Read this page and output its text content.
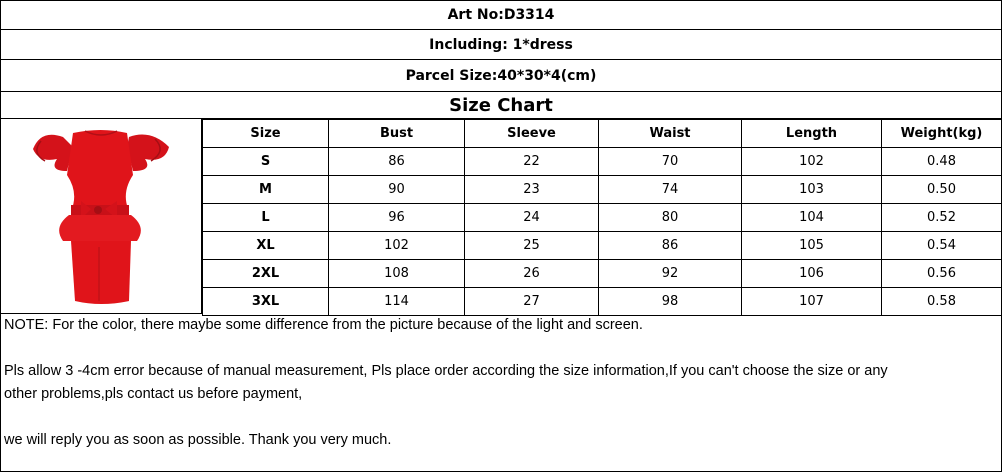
Art No:D3314
Including: 1*dress
Parcel Size:40*30*4(cm)
Size Chart
Size	Bust	Sleeve	Waist	Length	Weight(kg)
S	86	22	70	102	0.48
M	90	23	74	103	0.50
L	96	24	80	104	0.52
XL	102	25	86	105	0.54
2XL	108	26	92	106	0.56
3XL	114	27	98	107	0.58

NOTE: For the color, there maybe some difference from the picture because of the light and screen.

Pls allow 3 -4cm error because of manual measurement, Pls place order according the size information,If you can't choose the size or any

other problems,pls contact us before payment,

we will reply you as soon as possible. Thank you very much.
